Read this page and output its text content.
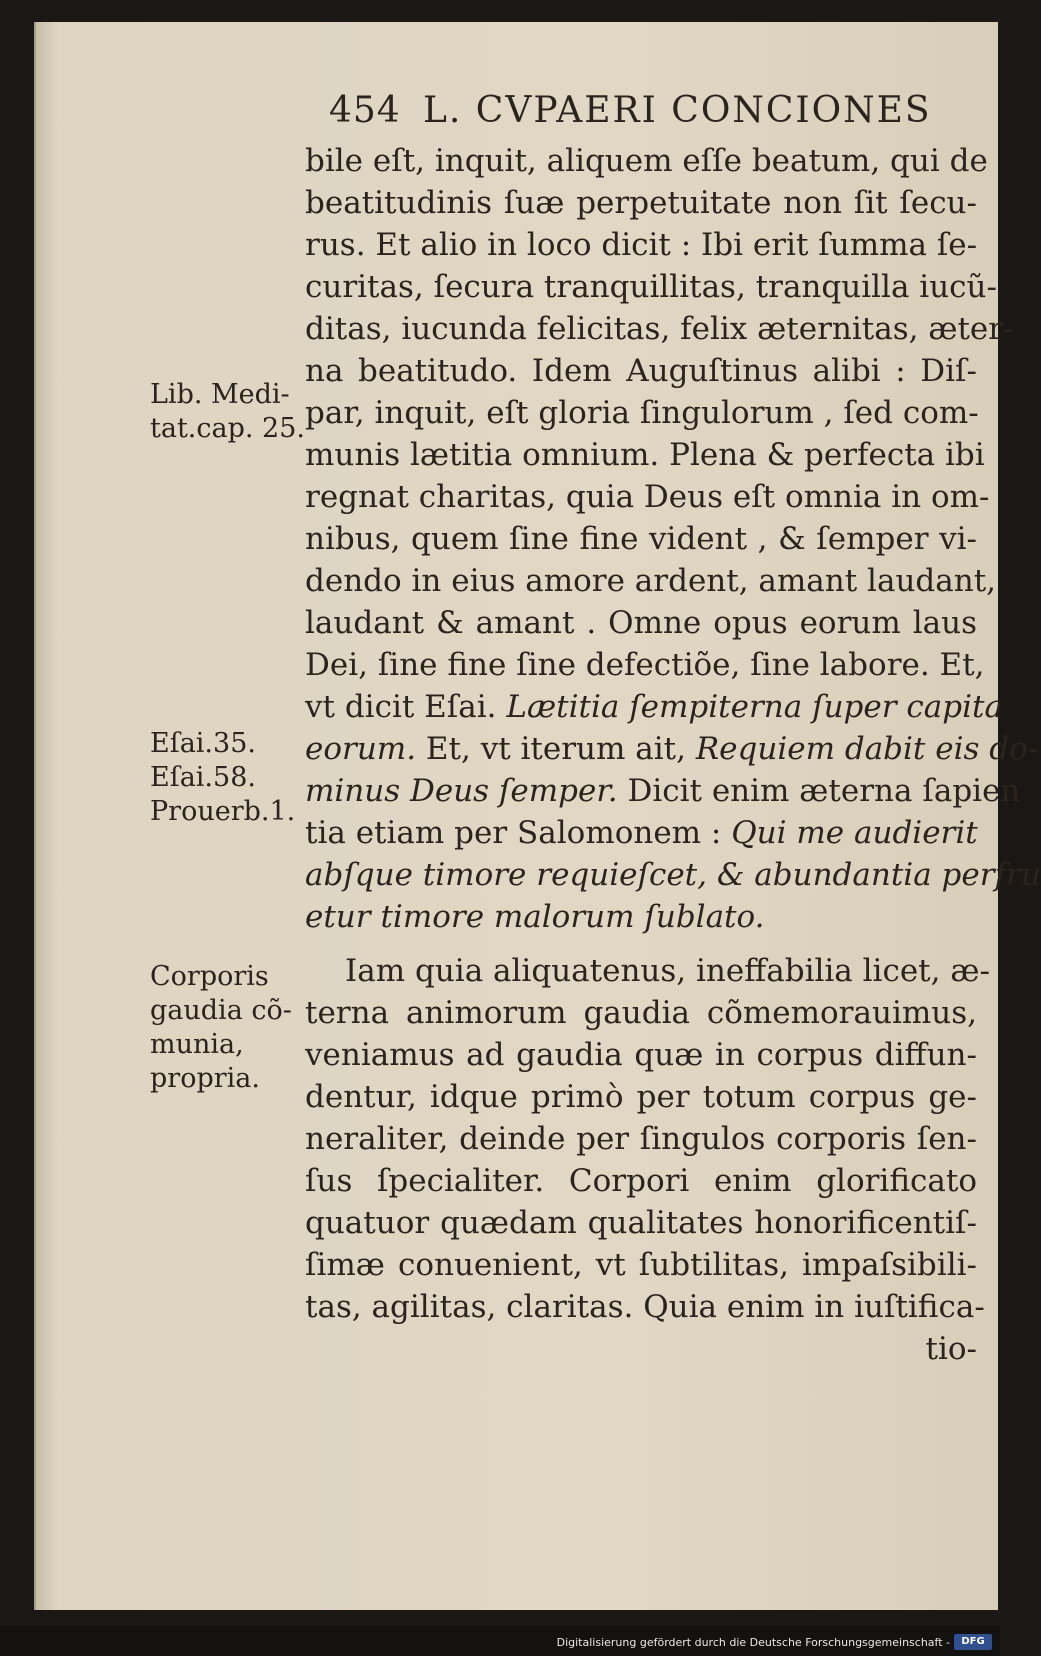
454 L. CVPAERI CONCIONES
bile eſt, inquit, aliquem eſſe beatum, qui de
beatitudinis ſuæ perpetuitate non ſit ſecu-
rus. Et alio in loco dicit : Ibi erit ſumma ſe-
curitas, ſecura tranquillitas, tranquilla iucũ-
ditas, iucunda felicitas, felix æternitas, æter-
na beatitudo. Idem Auguſtinus alibi : Diſ-
par, inquit, eſt gloria ſingulorum , ſed com-
munis lætitia omnium. Plena & perfecta ibi
regnat charitas, quia Deus eſt omnia in om-
nibus, quem ſine fine vident , & ſemper vi-
dendo in eius amore ardent, amant laudant,
laudant & amant . Omne opus eorum laus
Dei, ſine fine ſine defectiõe, ſine labore. Et,
vt dicit Eſai. Lætitia ſempiterna ſuper capita
eorum. Et, vt iterum ait, Requiem dabit eis do-
minus Deus ſemper. Dicit enim æterna ſapien
tia etiam per Salomonem : Qui me audierit
abſque timore requieſcet, & abundantia perfru
etur timore malorum ſublato.
Iam quia aliquatenus, ineffabilia licet, æ-
terna animorum gaudia cõmemorauimus,
veniamus ad gaudia quæ in corpus diffun-
dentur, idque primò per totum corpus ge-
neraliter, deinde per ſingulos corporis ſen-
ſus ſpecialiter. Corpori enim glorificato
quatuor quædam qualitates honorificentiſ-
ſimæ conuenient, vt ſubtilitas, impaſsibili-
tas, agilitas, claritas. Quia enim in iuſtifica-
tio-
Lib. Medi-
tat.cap. 25.
Eſai.35.
Eſai.58.
Prouerb.1.
Corporis
gaudia cõ-
munia,
propria.
Digitalisierung gefördert durch die Deutsche Forschungsgemeinschaft -	DFG
